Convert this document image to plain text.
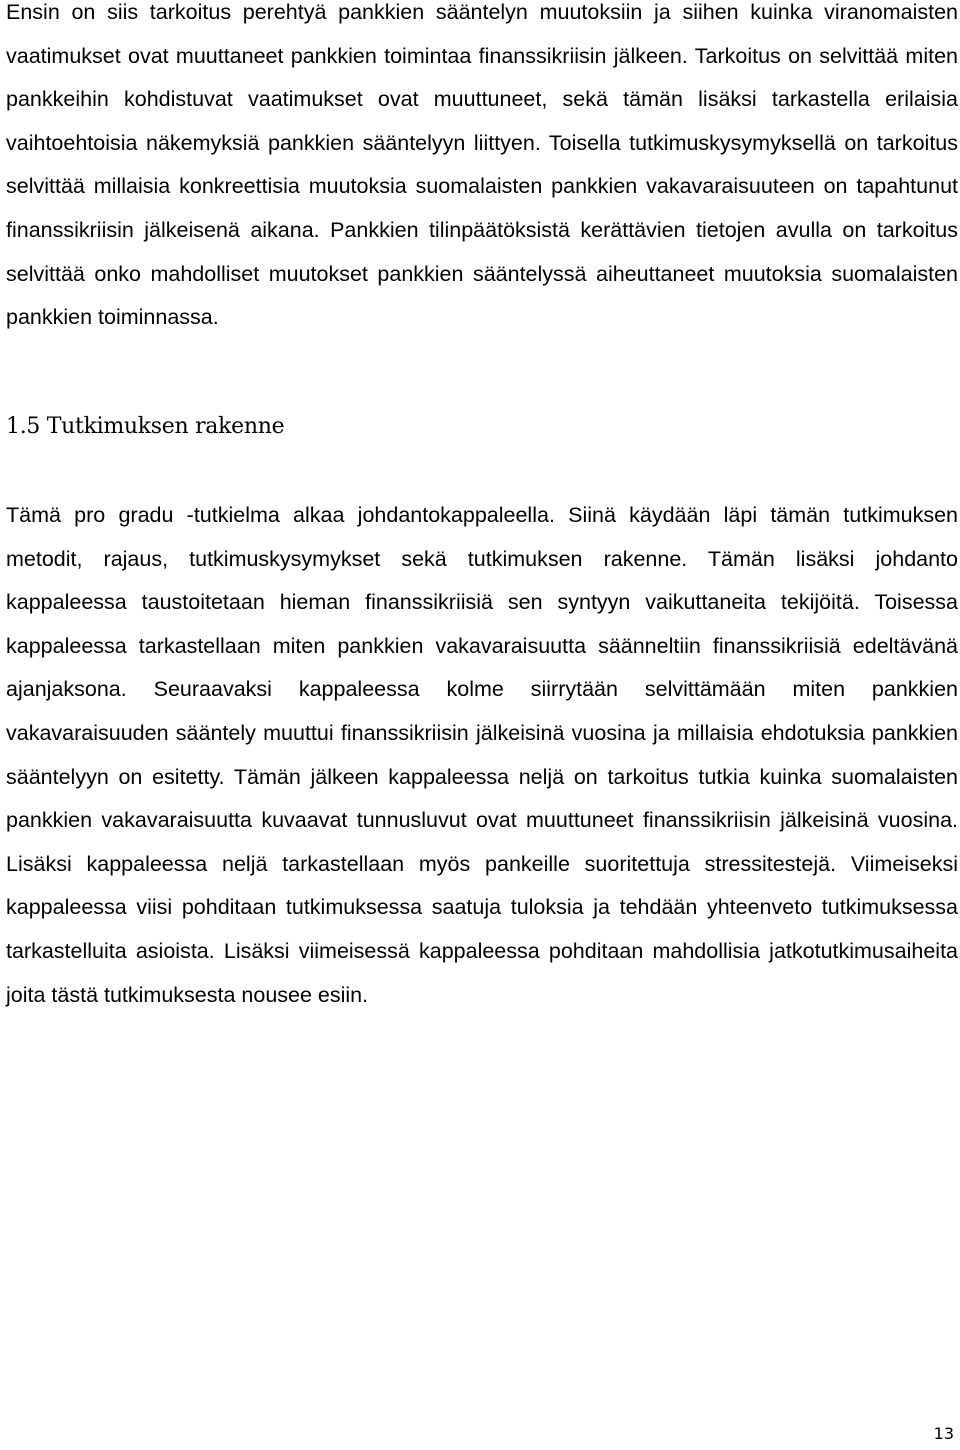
Ensin on siis tarkoitus perehtyä pankkien sääntelyn muutoksiin ja siihen kuinka viranomaisten vaatimukset ovat muuttaneet pankkien toimintaa finanssikriisin jälkeen. Tarkoitus on selvittää miten pankkeihin kohdistuvat vaatimukset ovat muuttuneet, sekä tämän lisäksi tarkastella erilaisia vaihtoehtoisia näkemyksiä pankkien sääntelyyn liittyen. Toisella tutkimuskysymyksellä on tarkoitus selvittää millaisia konkreettisia muutoksia suomalaisten pankkien vakavaraisuuteen on tapahtunut finanssikriisin jälkeisenä aikana. Pankkien tilinpäätöksistä kerättävien tietojen avulla on tarkoitus selvittää onko mahdolliset muutokset pankkien sääntelyssä aiheuttaneet muutoksia suomalaisten pankkien toiminnassa.

1.5 Tutkimuksen rakenne

Tämä pro gradu -tutkielma alkaa johdantokappaleella. Siinä käydään läpi tämän tutkimuksen metodit, rajaus, tutkimuskysymykset sekä tutkimuksen rakenne. Tämän lisäksi johdanto kappaleessa taustoitetaan hieman finanssikriisiä sen syntyyn vaikuttaneita tekijöitä. Toisessa kappaleessa tarkastellaan miten pankkien vakavaraisuutta säänneltiin finanssikriisiä edeltävänä ajanjaksona. Seuraavaksi kappaleessa kolme siirrytään selvittämään miten pankkien vakavaraisuuden sääntely muuttui finanssikriisin jälkeisinä vuosina ja millaisia ehdotuksia pankkien sääntelyyn on esitetty. Tämän jälkeen kappaleessa neljä on tarkoitus tutkia kuinka suomalaisten pankkien vakavaraisuutta kuvaavat tunnusluvut ovat muuttuneet finanssikriisin jälkeisinä vuosina. Lisäksi kappaleessa neljä tarkastellaan myös pankeille suoritettuja stressitestejä. Viimeiseksi kappaleessa viisi pohditaan tutkimuksessa saatuja tuloksia ja tehdään yhteenveto tutkimuksessa tarkastelluita asioista. Lisäksi viimeisessä kappaleessa pohditaan mahdollisia jatkotutkimusaiheita joita tästä tutkimuksesta nousee esiin.

13
